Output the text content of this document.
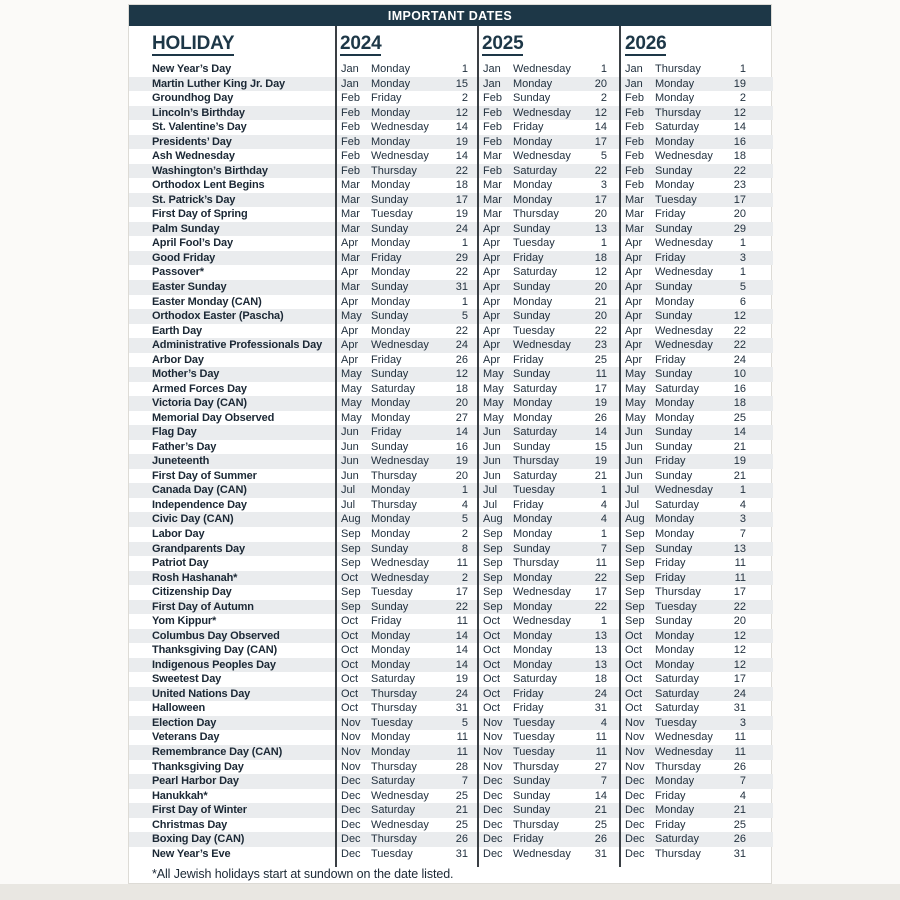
IMPORTANT DATES
HOLIDAY	2024	2025	2026
New Year’s Day	Jan	Monday	1 Jan	Wednesday	1 Jan	Thursday	1
Martin Luther King Jr. Day	Jan	Monday	15 Jan	Monday	20 Jan	Monday	19
Groundhog Day	Feb	Friday	2 Feb	Sunday	2 Feb	Monday	2
Lincoln’s Birthday	Feb	Monday	12 Feb	Wednesday	12 Feb	Thursday	12
St. Valentine’s Day	Feb	Wednesday	14 Feb	Friday	14 Feb	Saturday	14
Presidents’ Day	Feb	Monday	19 Feb	Monday	17 Feb	Monday	16
Ash Wednesday	Feb	Wednesday	14 Mar	Wednesday	5 Feb	Wednesday	18
Washington’s Birthday	Feb	Thursday	22 Feb	Saturday	22 Feb	Sunday	22
Orthodox Lent Begins	Mar	Monday	18 Mar	Monday	3 Feb	Monday	23
St. Patrick’s Day	Mar	Sunday	17 Mar	Monday	17 Mar	Tuesday	17
First Day of Spring	Mar	Tuesday	19 Mar	Thursday	20 Mar	Friday	20
Palm Sunday	Mar	Sunday	24 Apr	Sunday	13 Mar	Sunday	29
April Fool’s Day	Apr	Monday	1 Apr	Tuesday	1 Apr	Wednesday	1
Good Friday	Mar	Friday	29 Apr	Friday	18 Apr	Friday	3
Passover*	Apr	Monday	22 Apr	Saturday	12 Apr	Wednesday	1
Easter Sunday	Mar	Sunday	31 Apr	Sunday	20 Apr	Sunday	5
Easter Monday (CAN)	Apr	Monday	1 Apr	Monday	21 Apr	Monday	6
Orthodox Easter (Pascha)	May Sunday	5 Apr	Sunday	20 Apr	Sunday	12
Earth Day	Apr	Monday	22 Apr	Tuesday	22 Apr	Wednesday	22
Administrative Professionals Day	Apr	Wednesday	24 Apr	Wednesday	23 Apr	Wednesday	22
Arbor Day	Apr	Friday	26 Apr	Friday	25 Apr	Friday	24
Mother’s Day	May Sunday	12 May Sunday	11 May Sunday	10
Armed Forces Day	May Saturday	18 May Saturday	17 May Saturday	16
Victoria Day (CAN)	May Monday	20 May Monday	19 May Monday	18
Memorial Day Observed	May Monday	27 May Monday	26 May Monday	25
Flag Day	Jun	Friday	14 Jun	Saturday	14 Jun	Sunday	14
Father’s Day	Jun	Sunday	16 Jun	Sunday	15 Jun	Sunday	21
Juneteenth	Jun	Wednesday	19 Jun	Thursday	19 Jun	Friday	19
First Day of Summer	Jun	Thursday	20 Jun	Saturday	21 Jun	Sunday	21
Canada Day (CAN)	Jul	Monday	1 Jul	Tuesday	1 Jul	Wednesday	1
Independence Day	Jul	Thursday	4 Jul	Friday	4 Jul	Saturday	4
Civic Day (CAN)	Aug Monday	5 Aug Monday	4 Aug Monday	3
Labor Day	Sep Monday	2 Sep Monday	1 Sep Monday	7
Grandparents Day	Sep Sunday	8 Sep Sunday	7 Sep Sunday	13
Patriot Day	Sep Wednesday	11 Sep Thursday	11 Sep Friday	11
Rosh Hashanah*	Oct	Wednesday	2 Sep Monday	22 Sep Friday	11
Citizenship Day	Sep Tuesday	17 Sep Wednesday	17 Sep Thursday	17
First Day of Autumn	Sep Sunday	22 Sep Monday	22 Sep Tuesday	22
Yom Kippur*	Oct	Friday	11 Oct	Wednesday	1 Sep Sunday	20
Columbus Day Observed	Oct	Monday	14 Oct	Monday	13 Oct	Monday	12
Thanksgiving Day (CAN)	Oct	Monday	14 Oct	Monday	13 Oct	Monday	12
Indigenous Peoples Day	Oct	Monday	14 Oct	Monday	13 Oct	Monday	12
Sweetest Day	Oct	Saturday	19 Oct	Saturday	18 Oct	Saturday	17
United Nations Day	Oct	Thursday	24 Oct	Friday	24 Oct	Saturday	24
Halloween	Oct	Thursday	31 Oct	Friday	31 Oct	Saturday	31
Election Day	Nov Tuesday	5 Nov Tuesday	4 Nov Tuesday	3
Veterans Day	Nov Monday	11 Nov Tuesday	11 Nov Wednesday	11
Remembrance Day (CAN)	Nov Monday	11 Nov Tuesday	11 Nov Wednesday	11
Thanksgiving Day	Nov Thursday	28 Nov Thursday	27 Nov Thursday	26
Pearl Harbor Day	Dec Saturday	7 Dec Sunday	7 Dec Monday	7
Hanukkah*	Dec Wednesday	25 Dec Sunday	14 Dec Friday	4
First Day of Winter	Dec Saturday	21 Dec Sunday	21 Dec Monday	21
Christmas Day	Dec Wednesday	25 Dec Thursday	25 Dec Friday	25
Boxing Day (CAN)	Dec Thursday	26 Dec Friday	26 Dec Saturday	26
New Year’s Eve	Dec Tuesday	31 Dec Wednesday	31 Dec Thursday	31
*All Jewish holidays start at sundown on the date listed.
